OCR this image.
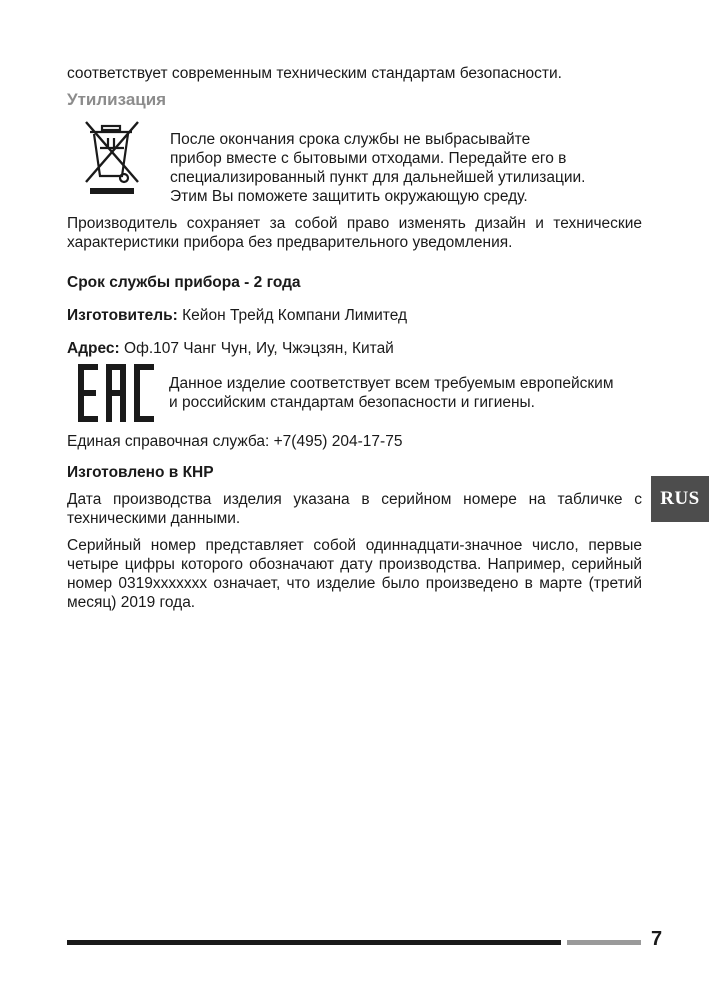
соответствует современным техническим стандартам безопасности.
Утилизация
После окончания срока службы не выбрасывайте
прибор вместе с бытовыми отходами. Передайте его в
специализированный пункт для дальнейшей утилизации.
Этим Вы поможете защитить окружающую среду.
Производитель сохраняет за собой право изменять дизайн и технические характеристики прибора без предварительного уведомления.
Срок службы прибора - 2 года
Изготовитель: Кейон Трейд Компани Лимитед
Адрес: Оф.107 Чанг Чун, Иу, Чжэцзян, Китай
Данное изделие соответствует всем требуемым европейским
и российским стандартам безопасности и гигиены.
Единая справочная служба: +7(495) 204-17-75
Изготовлено в КНР
Дата производства изделия указана в серийном номере на табличке с техническими данными.
Серийный номер представляет собой одиннадцати-значное число, первые четыре цифры которого обозначают дату производства. Например, серийный номер 0319xxxxxxx означает, что изделие было произведено в марте (третий месяц) 2019 года.
RUS
7
